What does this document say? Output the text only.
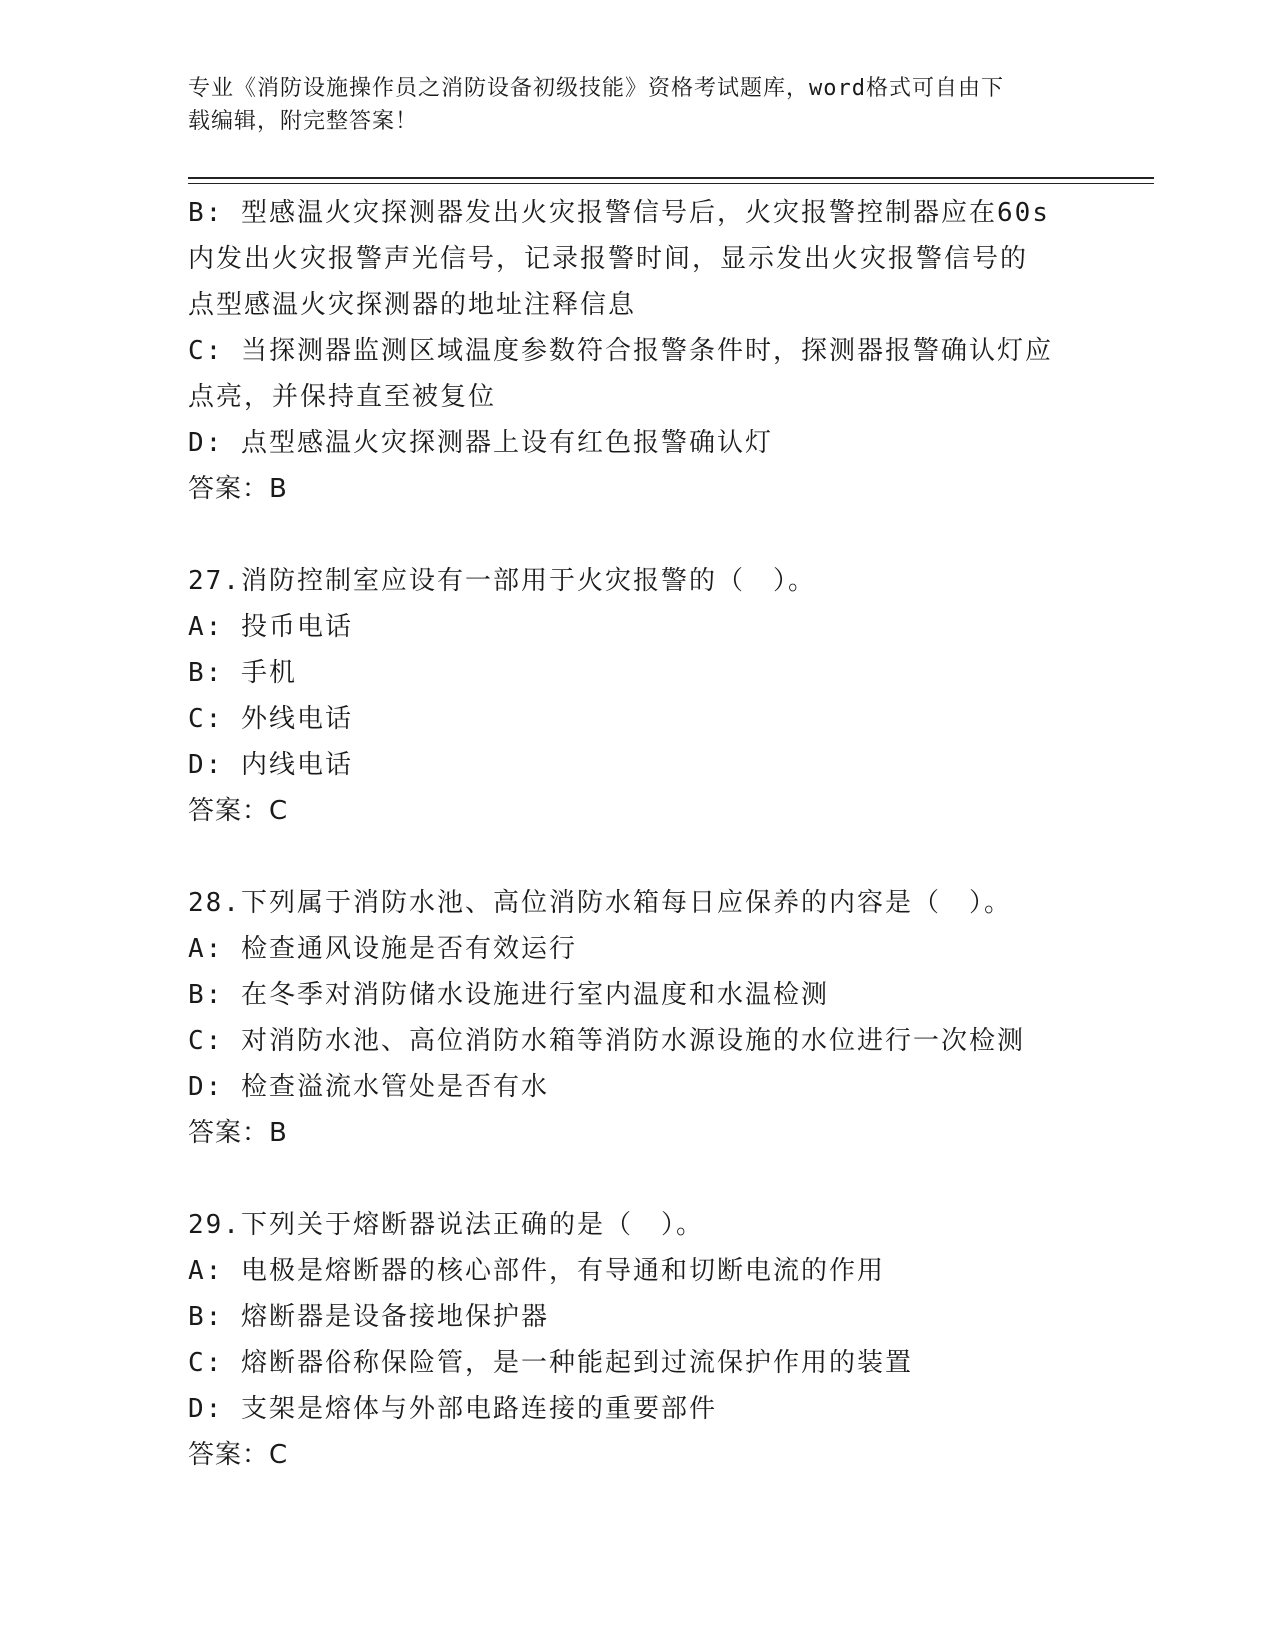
专业《消防设施操作员之消防设备初级技能》资格考试题库，word格式可自由下
载编辑，附完整答案！

B: 型感温火灾探测器发出火灾报警信号后，火灾报警控制器应在60s

内发出火灾报警声光信号，记录报警时间，显示发出火灾报警信号的

点型感温火灾探测器的地址注释信息

C: 当探测器监测区域温度参数符合报警条件时，探测器报警确认灯应

点亮，并保持直至被复位

D: 点型感温火灾探测器上设有红色报警确认灯

答案：B

27.消防控制室应设有一部用于火灾报警的（　）。

A: 投币电话

B: 手机

C: 外线电话

D: 内线电话

答案：C

28.下列属于消防水池、高位消防水箱每日应保养的内容是（　）。

A: 检查通风设施是否有效运行

B: 在冬季对消防储水设施进行室内温度和水温检测

C: 对消防水池、高位消防水箱等消防水源设施的水位进行一次检测

D: 检查溢流水管处是否有水

答案：B

29.下列关于熔断器说法正确的是（　）。

A: 电极是熔断器的核心部件，有导通和切断电流的作用

B: 熔断器是设备接地保护器

C: 熔断器俗称保险管，是一种能起到过流保护作用的装置

D: 支架是熔体与外部电路连接的重要部件

答案：C
